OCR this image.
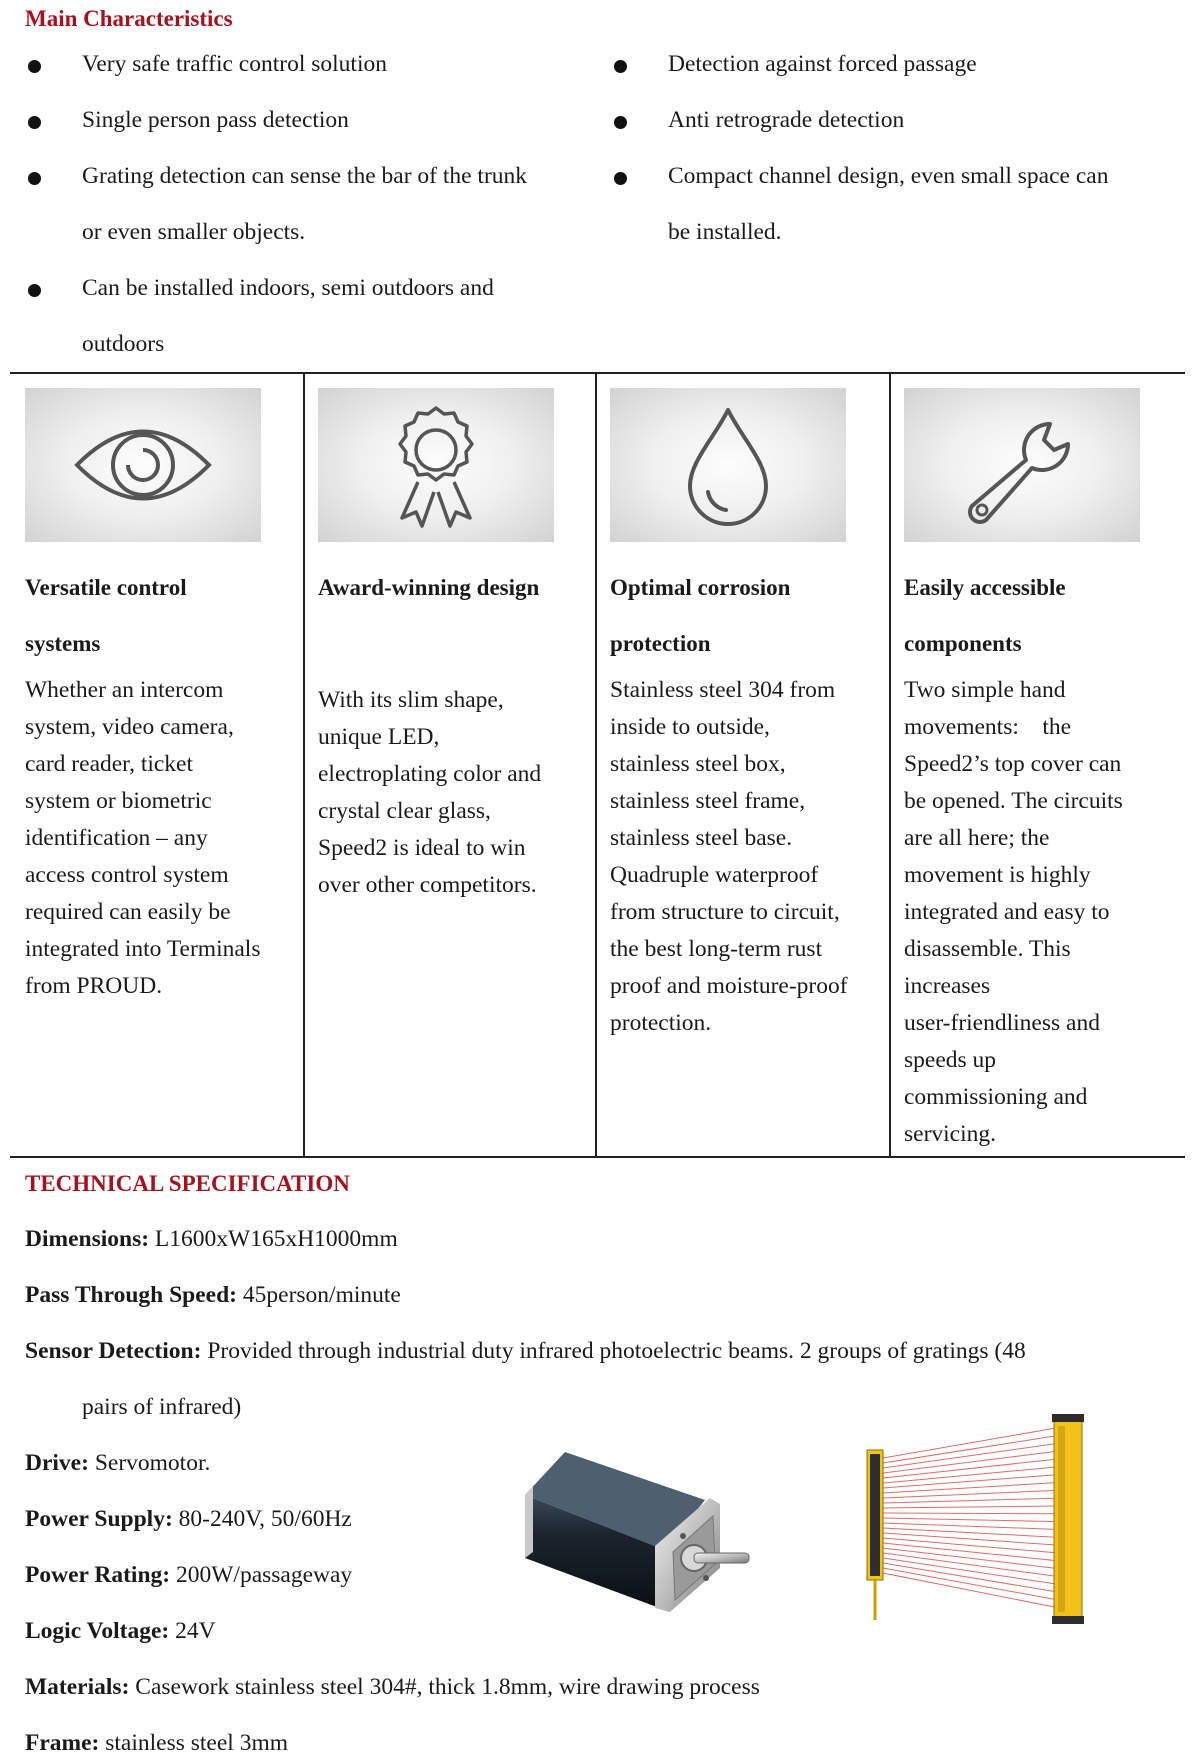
Main Characteristics
Very safe traffic control solution
Single person pass detection
Grating detection can sense the bar of the trunk
or even smaller objects.
Can be installed indoors, semi outdoors and
outdoors
Detection against forced passage
Anti retrograde detection
Compact channel design, even small space can
be installed.
Versatile control
systems
Whether an intercom
system, video camera,
card reader, ticket
system or biometric
identification – any
access control system
required can easily be
integrated into Terminals
from PROUD.
Award-winning design
With its slim shape,
unique LED,
electroplating color and
crystal clear glass,
Speed2 is ideal to win
over other competitors.
Optimal corrosion
protection
Stainless steel 304 from
inside to outside,
stainless steel box,
stainless steel frame,
stainless steel base.
Quadruple waterproof
from structure to circuit,
the best long-term rust
proof and moisture-proof
protection.
Easily accessible
components
Two simple hand
movements:    the
Speed2’s top cover can
be opened. The circuits
are all here; the
movement is highly
integrated and easy to
disassemble. This
increases
user-friendliness and
speeds up
commissioning and
servicing.
TECHNICAL SPECIFICATION
Dimensions: L1600xW165xH1000mm
Pass Through Speed: 45person/minute
Sensor Detection: Provided through industrial duty infrared photoelectric beams. 2 groups of gratings (48
pairs of infrared)
Drive: Servomotor.
Power Supply: 80-240V, 50/60Hz
Power Rating: 200W/passageway
Logic Voltage: 24V
Materials: Casework stainless steel 304#, thick 1.8mm, wire drawing process
Frame: stainless steel 3mm
